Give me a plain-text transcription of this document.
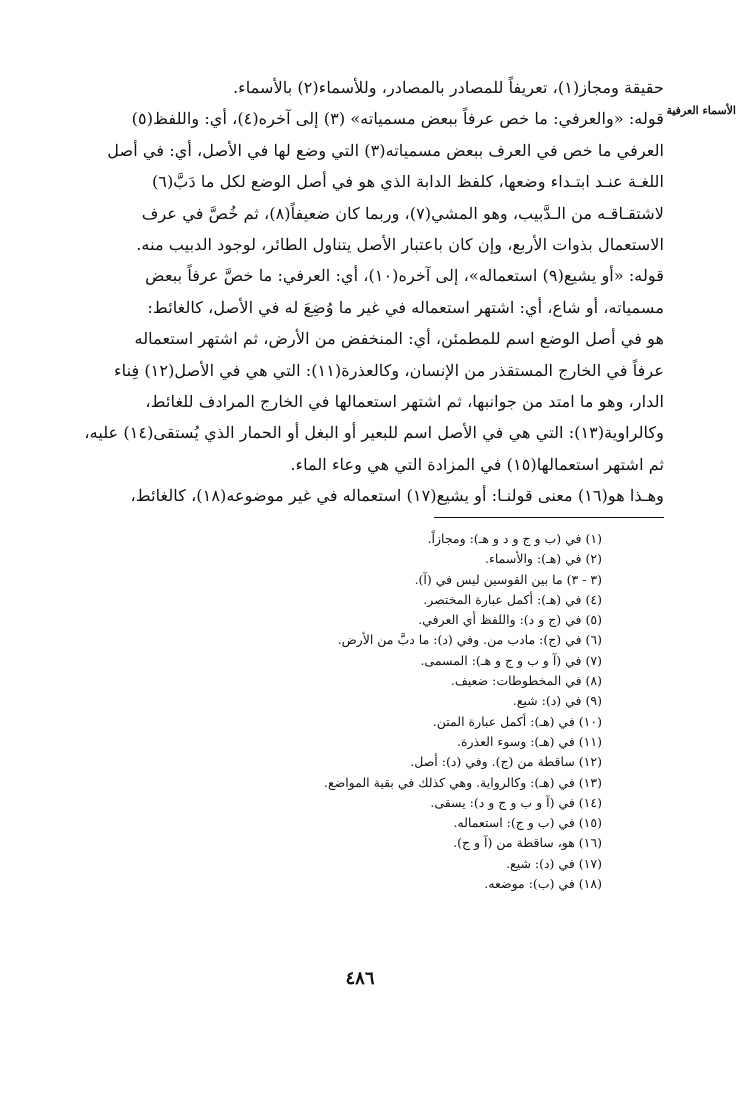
الأسماء العرفية
حقيقة ومجاز(١)، تعريفاً للمصادر بالمصادر، وللأسماء(٢) بالأسماء.
قوله: «والعرفي: ما خص عرفاً ببعض مسمياته» (٣) إلى آخره(٤)، أي: واللفظ(٥)
العرفي ما خص في العرف ببعض مسمياته(٣) التي وضع لها في الأصل، أي: في أصل
اللغـة عنـد ابتـداء وضعها، كلفظ الدابة الذي هو في أصل الوضع لكل ما دَبَّ(٦)
لاشتقـاقـه من الـدَّبيب، وهو المشي(٧)، وربما كان ضعيفاً(٨)، ثم خُصَّ في عرف
الاستعمال بذوات الأربع، وإن كان باعتبار الأصل يتناول الطائر، لوجود الدبيب منه.
قوله: «أو يشيع(٩) استعماله»، إلى آخره(١٠)، أي: العرفي: ما خصَّ عرفاً ببعض
مسمياته، أو شاع، أي: اشتهر استعماله في غير ما وُضِعَ له في الأصل، كالغائط:
هو في أصل الوضع اسم للمطمئن، أي: المنخفض من الأرض، ثم اشتهر استعماله
عرفاً في الخارج المستقذر من الإنسان، وكالعذرة(١١): التي هي في الأصل(١٢) فِناء
الدار، وهو ما امتد من جوانبها، ثم اشتهر استعمالها في الخارج المرادف للغائط،
وكالراوية(١٣): التي هي في الأصل اسم للبعير أو البغل أو الحمار الذي يُستقى(١٤) عليه،
ثم اشتهر استعمالها(١٥) في المزادة التي هي وعاء الماء.
وهـذا هو(١٦) معنى قولنـا: أو يشيع(١٧) استعماله في غير موضوعه(١٨)، كالغائط،
(١) في (ب و ج و د و هـ): ومجازاً.
(٢) في (هـ): والأسماء.
(٣ - ٣) ما بين القوسين ليس في (آ).
(٤) في (هـ): أكمل عبارة المختصر.
(٥) في (ج و د): واللفظ أي العرفي.
(٦) في (ج): مادب من. وفي (د): ما دبَّ من الأرض.
(٧) في (آ و ب و ج و هـ): المسمى.
(٨) في المخطوطات: ضعيف.
(٩) في (د): شيع.
(١٠) في (هـ): أكمل عبارة المتن.
(١١) في (هـ): وسوء العذرة.
(١٢) ساقطة من (ج). وفي (د): أصل.
(١٣) في (هـ): وكالرواية. وهي كذلك في بقية المواضع.
(١٤) في (آ و ب و ج و د): يسقى.
(١٥) في (ب و ج): استعماله.
(١٦) هو، ساقطة من (آ و ج).
(١٧) في (د): شيع.
(١٨) في (ب): موضعه.
٤٨٦
